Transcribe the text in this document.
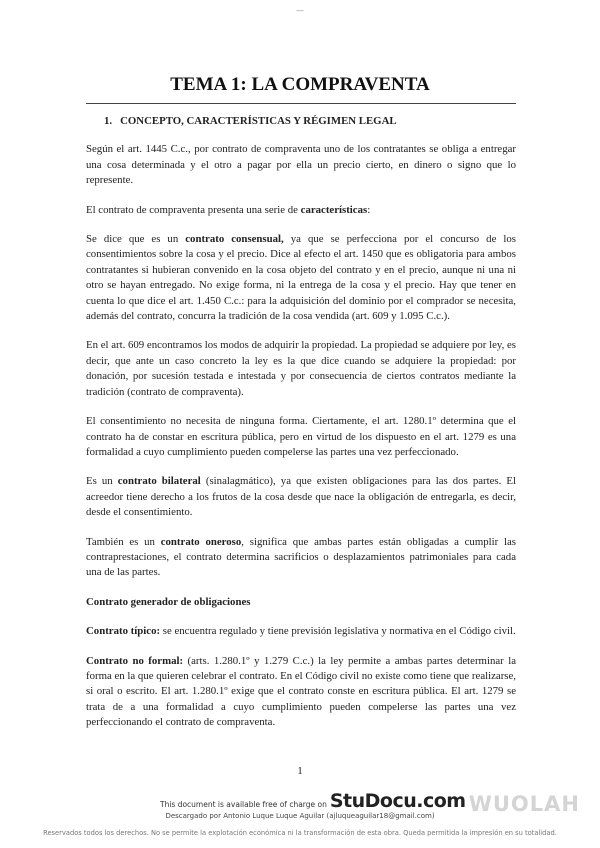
—
TEMA 1: LA COMPRAVENTA
1. CONCEPTO, CARACTERÍSTICAS Y RÉGIMEN LEGAL

Según el art. 1445 C.c., por contrato de compraventa uno de los contratantes se obliga a entregar una cosa determinada y el otro a pagar por ella un precio cierto, en dinero o signo que lo represente.

El contrato de compraventa presenta una serie de características:

Se dice que es un contrato consensual, ya que se perfecciona por el concurso de los consentimientos sobre la cosa y el precio. Dice al efecto el art. 1450 que es obligatoria para ambos contratantes si hubieran convenido en la cosa objeto del contrato y en el precio, aunque ni una ni otro se hayan entregado. No exige forma, ni la entrega de la cosa y el precio. Hay que tener en cuenta lo que dice el art. 1.450 C.c.: para la adquisición del dominio por el comprador se necesita, además del contrato, concurra la tradición de la cosa vendida (art. 609 y 1.095 C.c.).

En el art. 609 encontramos los modos de adquirir la propiedad. La propiedad se adquiere por ley, es decir, que ante un caso concreto la ley es la que dice cuando se adquiere la propiedad: por donación, por sucesión testada e intestada y por consecuencia de ciertos contratos mediante la tradición (contrato de compraventa).

El consentimiento no necesita de ninguna forma. Ciertamente, el art. 1280.1º determina que el contrato ha de constar en escritura pública, pero en virtud de los dispuesto en el art. 1279 es una formalidad a cuyo cumplimiento pueden compelerse las partes una vez perfeccionado.

Es un contrato bilateral (sinalagmático), ya que existen obligaciones para las dos partes. El acreedor tiene derecho a los frutos de la cosa desde que nace la obligación de entregarla, es decir, desde el consentimiento.

También es un contrato oneroso, significa que ambas partes están obligadas a cumplir las contraprestaciones, el contrato determina sacrificios o desplazamientos patrimoniales para cada una de las partes.

Contrato generador de obligaciones

Contrato típico: se encuentra regulado y tiene previsión legislativa y normativa en el Código civil.

Contrato no formal: (arts. 1.280.1º y 1.279 C.c.) la ley permite a ambas partes determinar la forma en la que quieren celebrar el contrato. En el Código civil no existe como tiene que realizarse, si oral o escrito. El art. 1.280.1º exige que el contrato conste en escritura pública. El art. 1279 se trata de a una formalidad a cuyo cumplimiento pueden compelerse las partes una vez perfeccionando el contrato de compraventa.

1
This document is available free of charge on StuDocu.com WUOLAH
Descargado por Antonio Luque Luque Aguilar (ajluqueaguilar18@gmail.com)
Reservados todos los derechos. No se permite la explotación económica ni la transformación de esta obra. Queda permitida la impresión en su totalidad.
